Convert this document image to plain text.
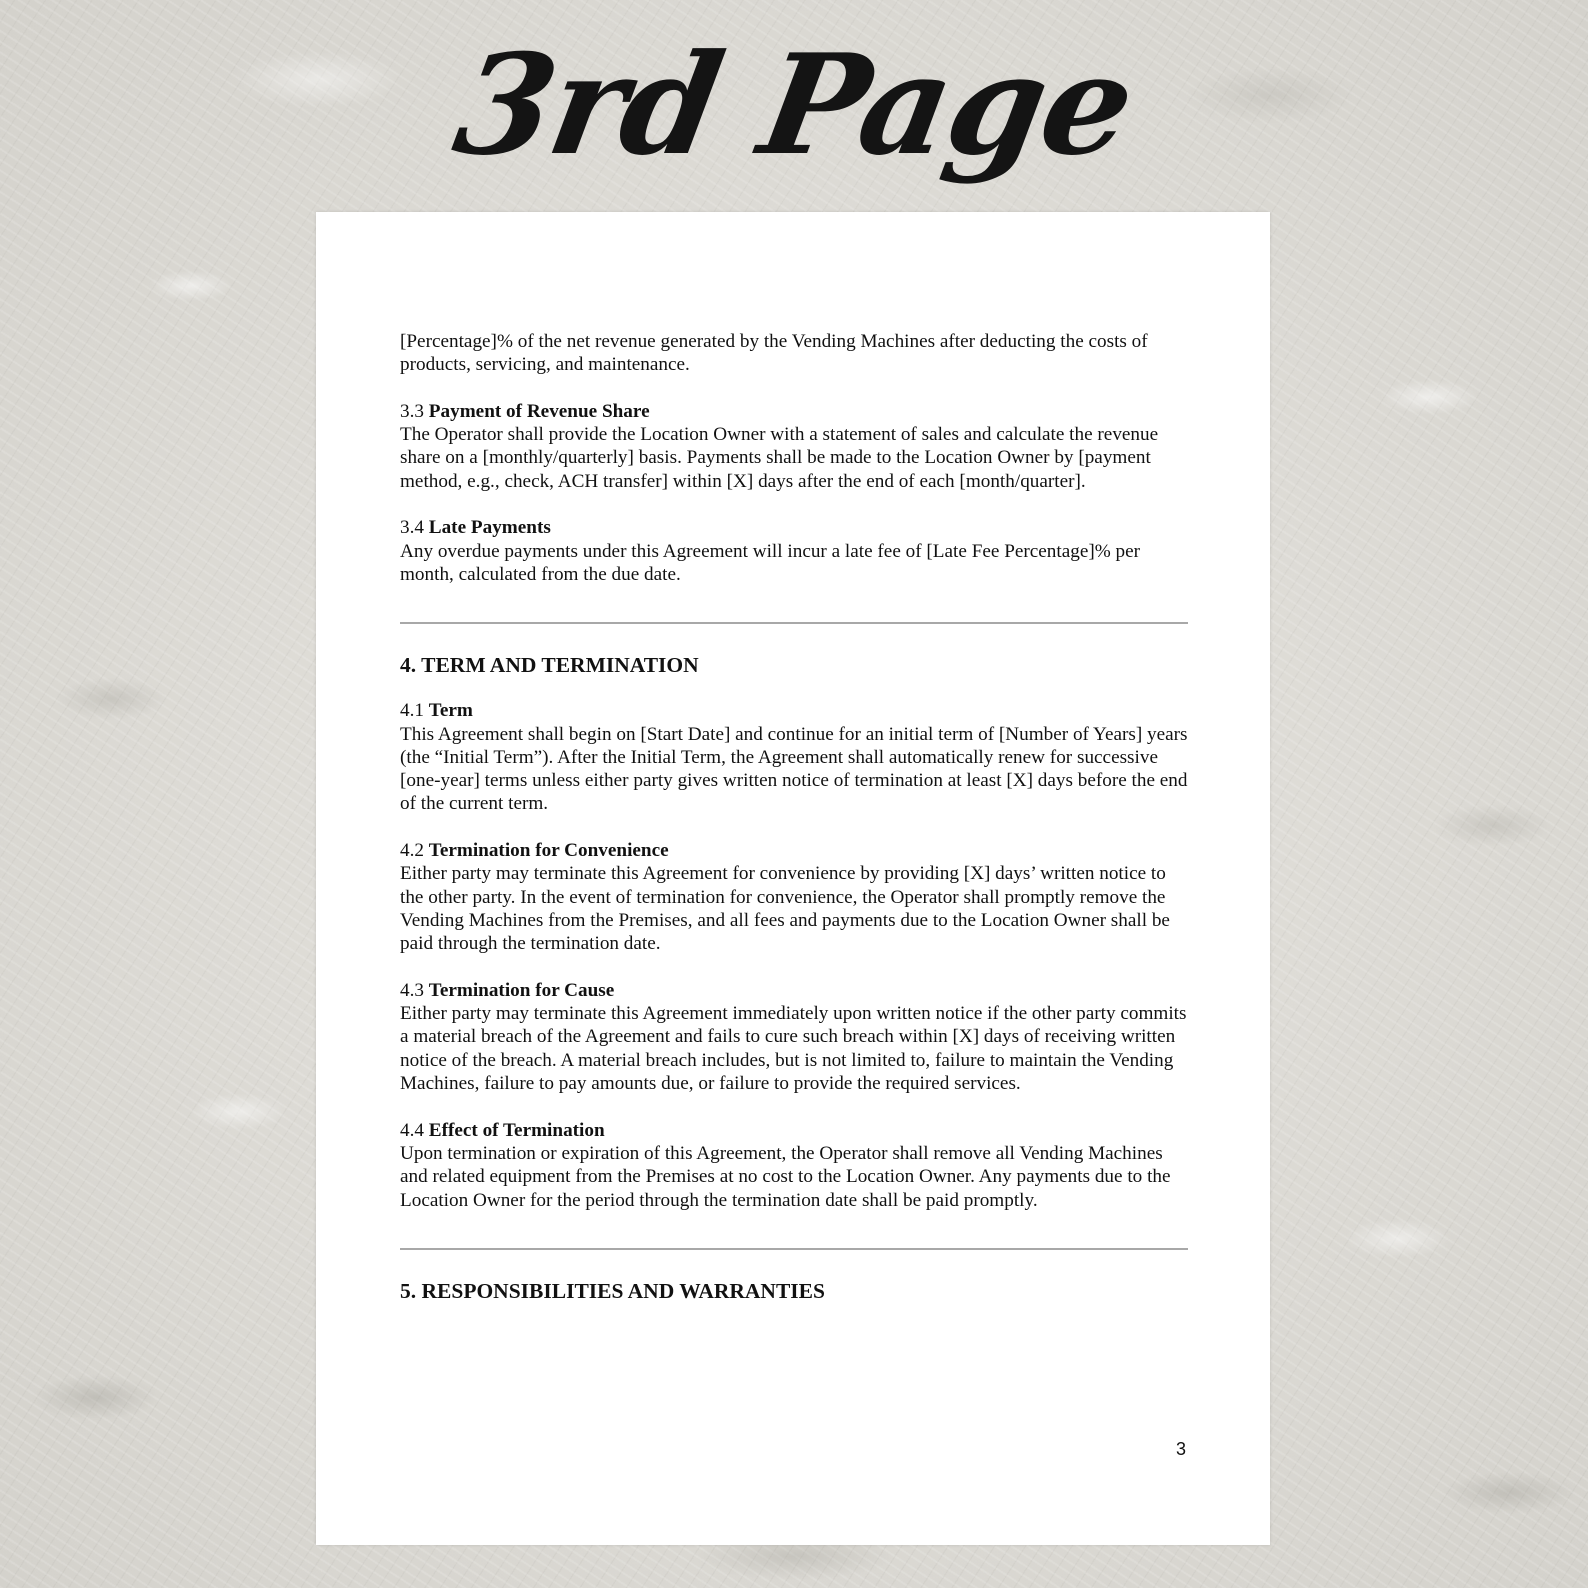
3rd Page

[Percentage]% of the net revenue generated by the Vending Machines after deducting the costs of products, servicing, and maintenance.

3.3 Payment of Revenue Share

The Operator shall provide the Location Owner with a statement of sales and calculate the revenue share on a [monthly/quarterly] basis. Payments shall be made to the Location Owner by [payment method, e.g., check, ACH transfer] within [X] days after the end of each [month/quarter].

3.4 Late Payments

Any overdue payments under this Agreement will incur a late fee of [Late Fee Percentage]% per month, calculated from the due date.

4. TERM AND TERMINATION

4.1 Term

This Agreement shall begin on [Start Date] and continue for an initial term of [Number of Years] years (the “Initial Term”). After the Initial Term, the Agreement shall automatically renew for successive [one-year] terms unless either party gives written notice of termination at least [X] days before the end of the current term.

4.2 Termination for Convenience

Either party may terminate this Agreement for convenience by providing [X] days’ written notice to the other party. In the event of termination for convenience, the Operator shall promptly remove the Vending Machines from the Premises, and all fees and payments due to the Location Owner shall be paid through the termination date.

4.3 Termination for Cause

Either party may terminate this Agreement immediately upon written notice if the other party commits a material breach of the Agreement and fails to cure such breach within [X] days of receiving written notice of the breach. A material breach includes, but is not limited to, failure to maintain the Vending Machines, failure to pay amounts due, or failure to provide the required services.

4.4 Effect of Termination

Upon termination or expiration of this Agreement, the Operator shall remove all Vending Machines and related equipment from the Premises at no cost to the Location Owner. Any payments due to the Location Owner for the period through the termination date shall be paid promptly.

5. RESPONSIBILITIES AND WARRANTIES
3
